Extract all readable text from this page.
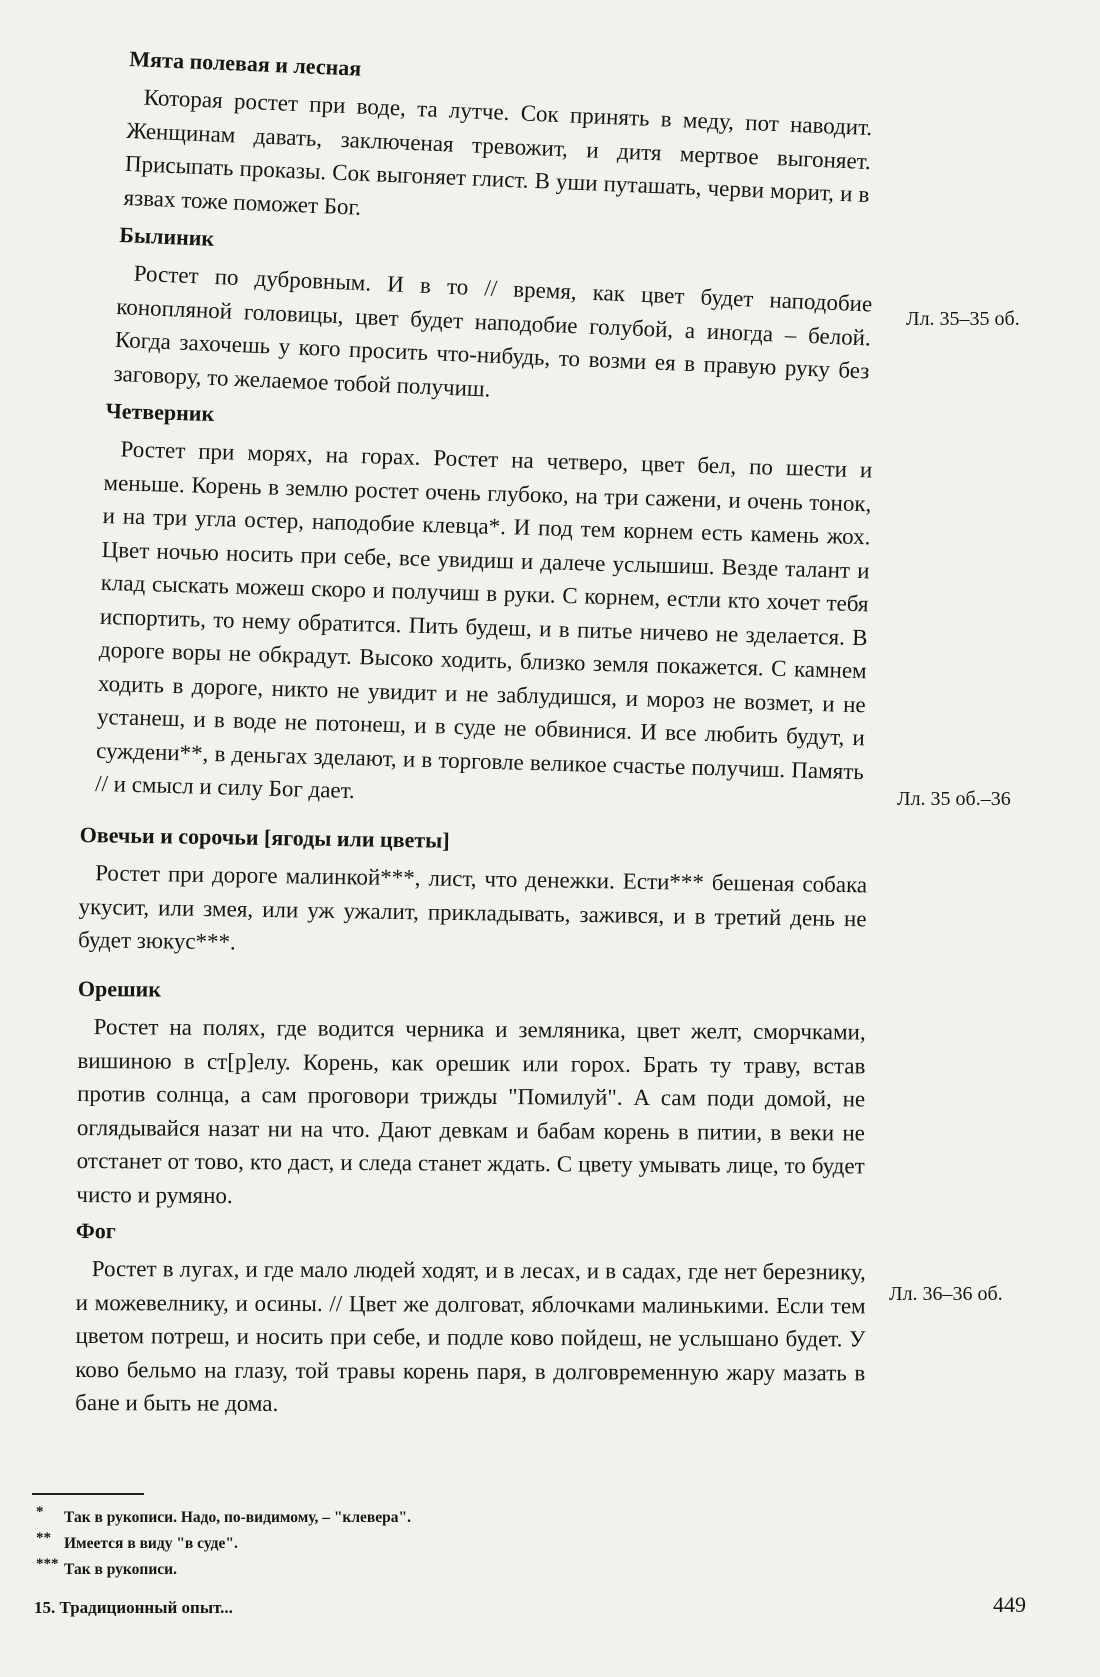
Мята полевая и лесная

Которая ростет при воде, та лутче. Сок принять в меду, пот наводит. Женщинам давать, заключеная тревожит, и дитя мертвое выгоняет. Присыпать проказы. Сок выгоняет глист. В уши путашать, черви морит, и в язвах тоже поможет Бог.

Былиник

Ростет по дубровным. И в то // время, как цвет будет наподобие конопляной головицы, цвет будет наподобие голубой, а иногда – белой. Когда захочешь у кого просить что-нибудь, то возми ея в правую руку без заговору, то желаемое тобой получиш.

Четверник

Ростет при морях, на горах. Ростет на четверо, цвет бел, по шести и меньше. Корень в землю ростет очень глубоко, на три сажени, и очень тонок, и на три угла остер, наподобие клевца*. И под тем корнем есть камень жох. Цвет ночью носить при себе, все увидиш и далече услышиш. Везде талант и клад сыскать можеш скоро и получиш в руки. С корнем, естли кто хочет тебя испортить, то нему обратится. Пить будеш, и в питье ничево не зделается. В дороге воры не обкрадут. Высоко ходить, близко земля покажется. С камнем ходить в дороге, никто не увидит и не заблудишся, и мороз не возмет, и не устанеш, и в воде не потонеш, и в суде не обвинися. И все любить будут, и суждени**, в деньгах зделают, и в торговле великое счастье получиш. Память // и смысл и силу Бог дает.

Овечьи и сорочьи [ягоды или цветы]

Ростет при дороге малинкой***, лист, что денежки. Ести*** бешеная собака укусит, или змея, или уж ужалит, прикладывать, зажився, и в третий день не будет зюкус***.

Орешик

Ростет на полях, где водится черника и земляника, цвет желт, сморчками, вишиною в ст[р]елу. Корень, как орешик или горох. Брать ту траву, встав против солнца, а сам проговори трижды "Помилуй". А сам поди домой, не оглядывайся назат ни на что. Дают девкам и бабам корень в питии, в веки не отстанет от тово, кто даст, и следа станет ждать. С цвету умывать лице, то будет чисто и румяно.

Фог

Ростет в лугах, и где мало людей ходят, и в лесах, и в садах, где нет березнику, и можевелнику, и осины. // Цвет же долговат, яблочками малинькими. Если тем цветом потреш, и носить при себе, и подле ково пойдеш, не услышано будет. У ково бельмо на глазу, той травы корень паря, в долговременную жару мазать в бане и быть не дома.

Лл. 35–35 об.
Лл. 35 об.–36
Лл. 36–36 об.
*	Так в рукописи. Надо, по-видимому, – "клевера".
** Имеется в виду "в суде".
*** Так в рукописи.
15. Традиционный опыт...	449
